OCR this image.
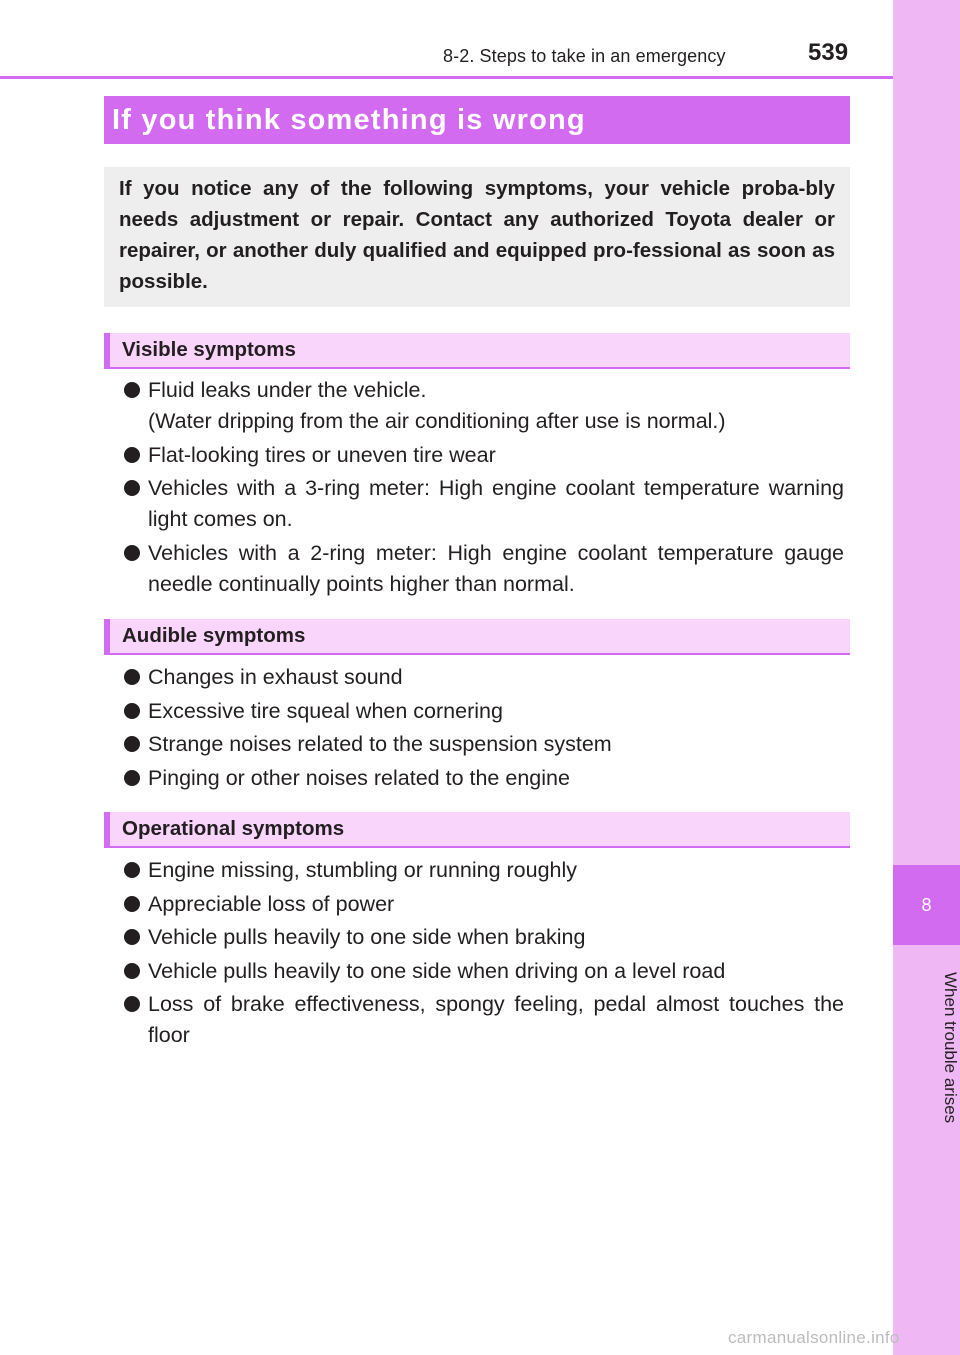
8
When trouble arises
8-2. Steps to take in an emergency	539
If you think something is wrong
If you notice any of the following symptoms, your vehicle proba-bly needs adjustment or repair. Contact any authorized Toyota dealer or repairer, or another duly qualified and equipped pro-fessional as soon as possible.
Visible symptoms
Fluid leaks under the vehicle.
(Water dripping from the air conditioning after use is normal.)
Flat-looking tires or uneven tire wear
Vehicles with a 3-ring meter: High engine coolant temperature warning light comes on.
Vehicles with a 2-ring meter: High engine coolant temperature gauge needle continually points higher than normal.
Audible symptoms
Changes in exhaust sound
Excessive tire squeal when cornering
Strange noises related to the suspension system
Pinging or other noises related to the engine
Operational symptoms
Engine missing, stumbling or running roughly
Appreciable loss of power
Vehicle pulls heavily to one side when braking
Vehicle pulls heavily to one side when driving on a level road
Loss of brake effectiveness, spongy feeling, pedal almost touches the floor
carmanualsonline.info
